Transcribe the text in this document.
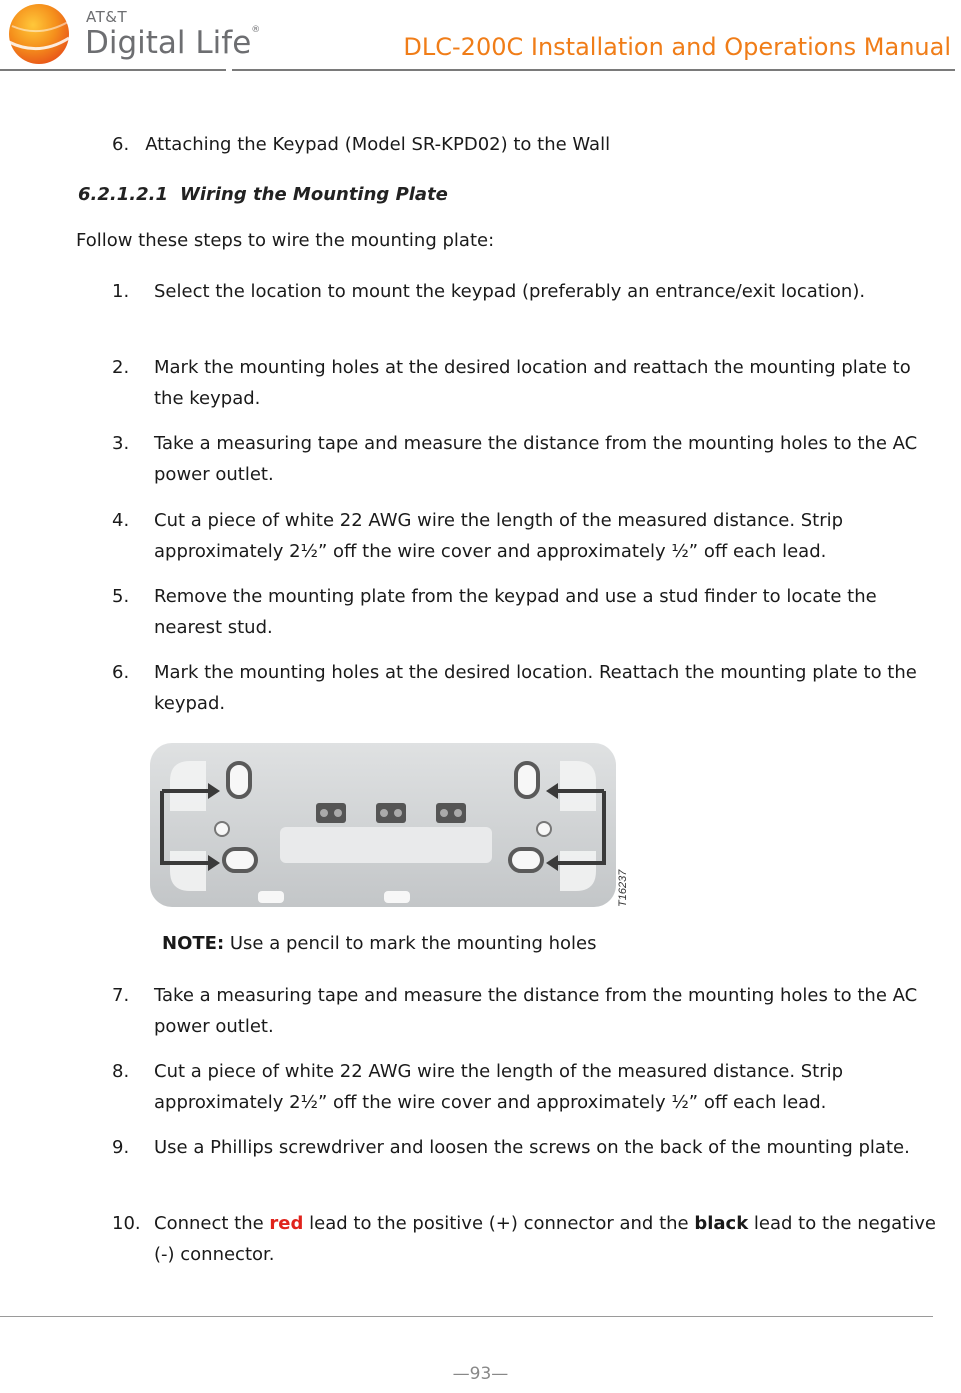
AT&T
Digital Life®
DLC-200C Installation and Operations Manual
6. Attaching the Keypad (Model SR-KPD02) to the Wall
6.2.1.2.1 Wiring the Mounting Plate
Follow these steps to wire the mounting plate:
1. Select the location to mount the keypad (preferably an entrance/exit location).
2. Mark the mounting holes at the desired location and reattach the mounting plate to the keypad.
3. Take a measuring tape and measure the distance from the mounting holes to the AC power outlet.
4. Cut a piece of white 22 AWG wire the length of the measured distance. Strip approximately 2½” off the wire cover and approximately ½” off each lead.
5. Remove the mounting plate from the keypad and use a stud finder to locate the nearest stud.
6. Mark the mounting holes at the desired location. Reattach the mounting plate to the keypad.
T16237
NOTE: Use a pencil to mark the mounting holes
7. Take a measuring tape and measure the distance from the mounting holes to the AC power outlet.
8. Cut a piece of white 22 AWG wire the length of the measured distance. Strip approximately 2½” off the wire cover and approximately ½” off each lead.
9. Use a Phillips screwdriver and loosen the screws on the back of the mounting plate.
10. Connect the red lead to the positive (+) connector and the black lead to the negative (-) connector.
—93—
